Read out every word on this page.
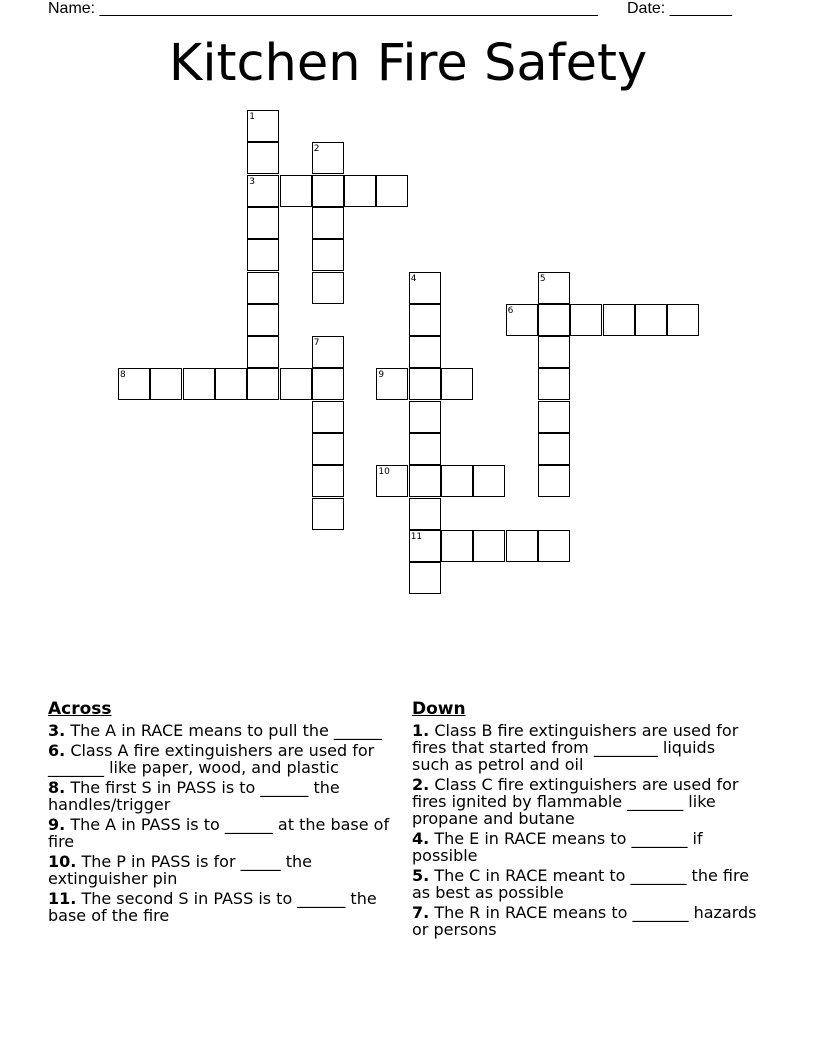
Name: ________________________________________________________ Date: _______
Kitchen Fire Safety
1
3
2
4
11
5
6
7
8	9
10
Across

3. The A in RACE means to pull the ______

6. Class A fire extinguishers are used for _______ like paper, wood, and plastic

8. The first S in PASS is to ______ the handles/trigger

9. The A in PASS is to ______ at the base of fire

10. The P in PASS is for _____ the extinguisher pin

11. The second S in PASS is to ______ the base of the fire

Down

1. Class B fire extinguishers are used for fires that started from ________ liquids such as petrol and oil

2. Class C fire extinguishers are used for fires ignited by flammable _______ like propane and butane

4. The E in RACE means to _______ if possible

5. The C in RACE meant to _______ the fire as best as possible

7. The R in RACE means to _______ hazards or persons
